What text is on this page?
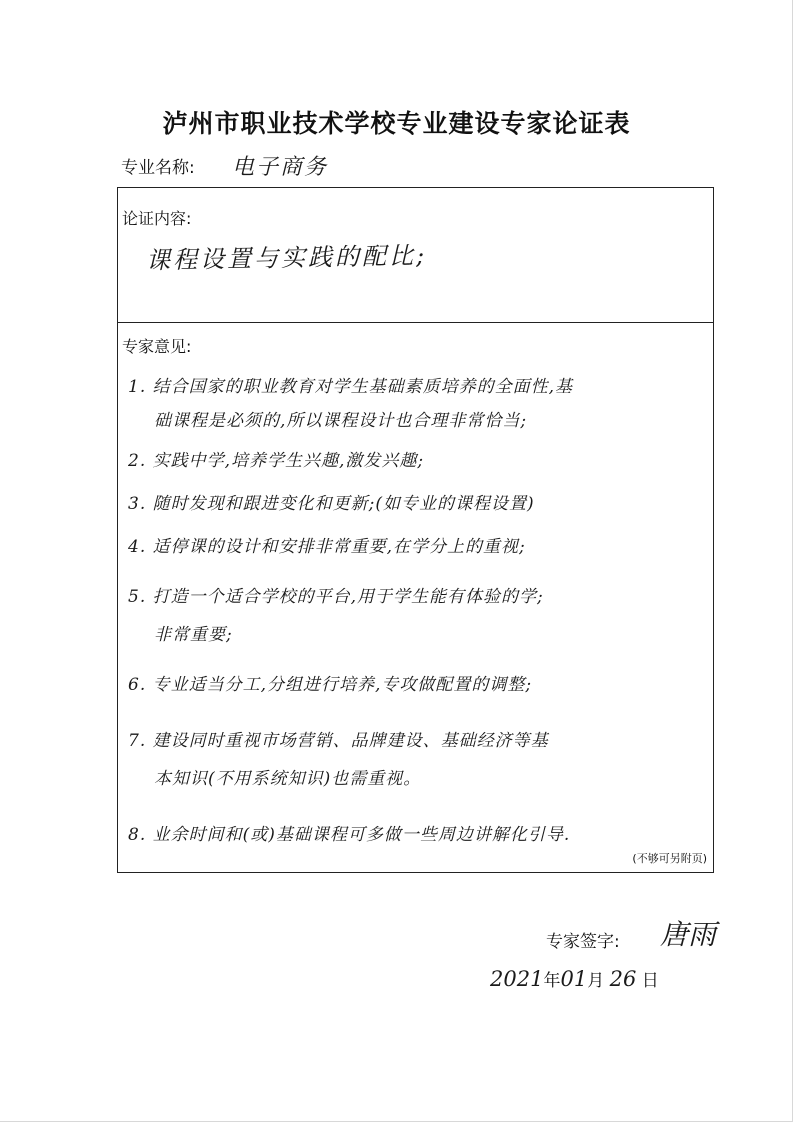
泸州市职业技术学校专业建设专家论证表
专业名称: 电子商务
论证内容:
课程设置与实践的配比;
专家意见:
1. 结合国家的职业教育对学生基础素质培养的全面性,基
础课程是必须的,所以课程设计也合理非常恰当;
2. 实践中学,培养学生兴趣,激发兴趣;
3. 随时发现和跟进变化和更新;(如专业的课程设置)
4. 适停课的设计和安排非常重要,在学分上的重视;
5. 打造一个适合学校的平台,用于学生能有体验的学;
非常重要;
6. 专业适当分工,分组进行培养,专攻做配置的调整;
7. 建设同时重视市场营销、品牌建设、基础经济等基
本知识(不用系统知识)也需重视。
8. 业余时间和(或)基础课程可多做一些周边讲解化引导.
(不够可另附页)
专家签字: 唐雨
2021年01月 26 日
